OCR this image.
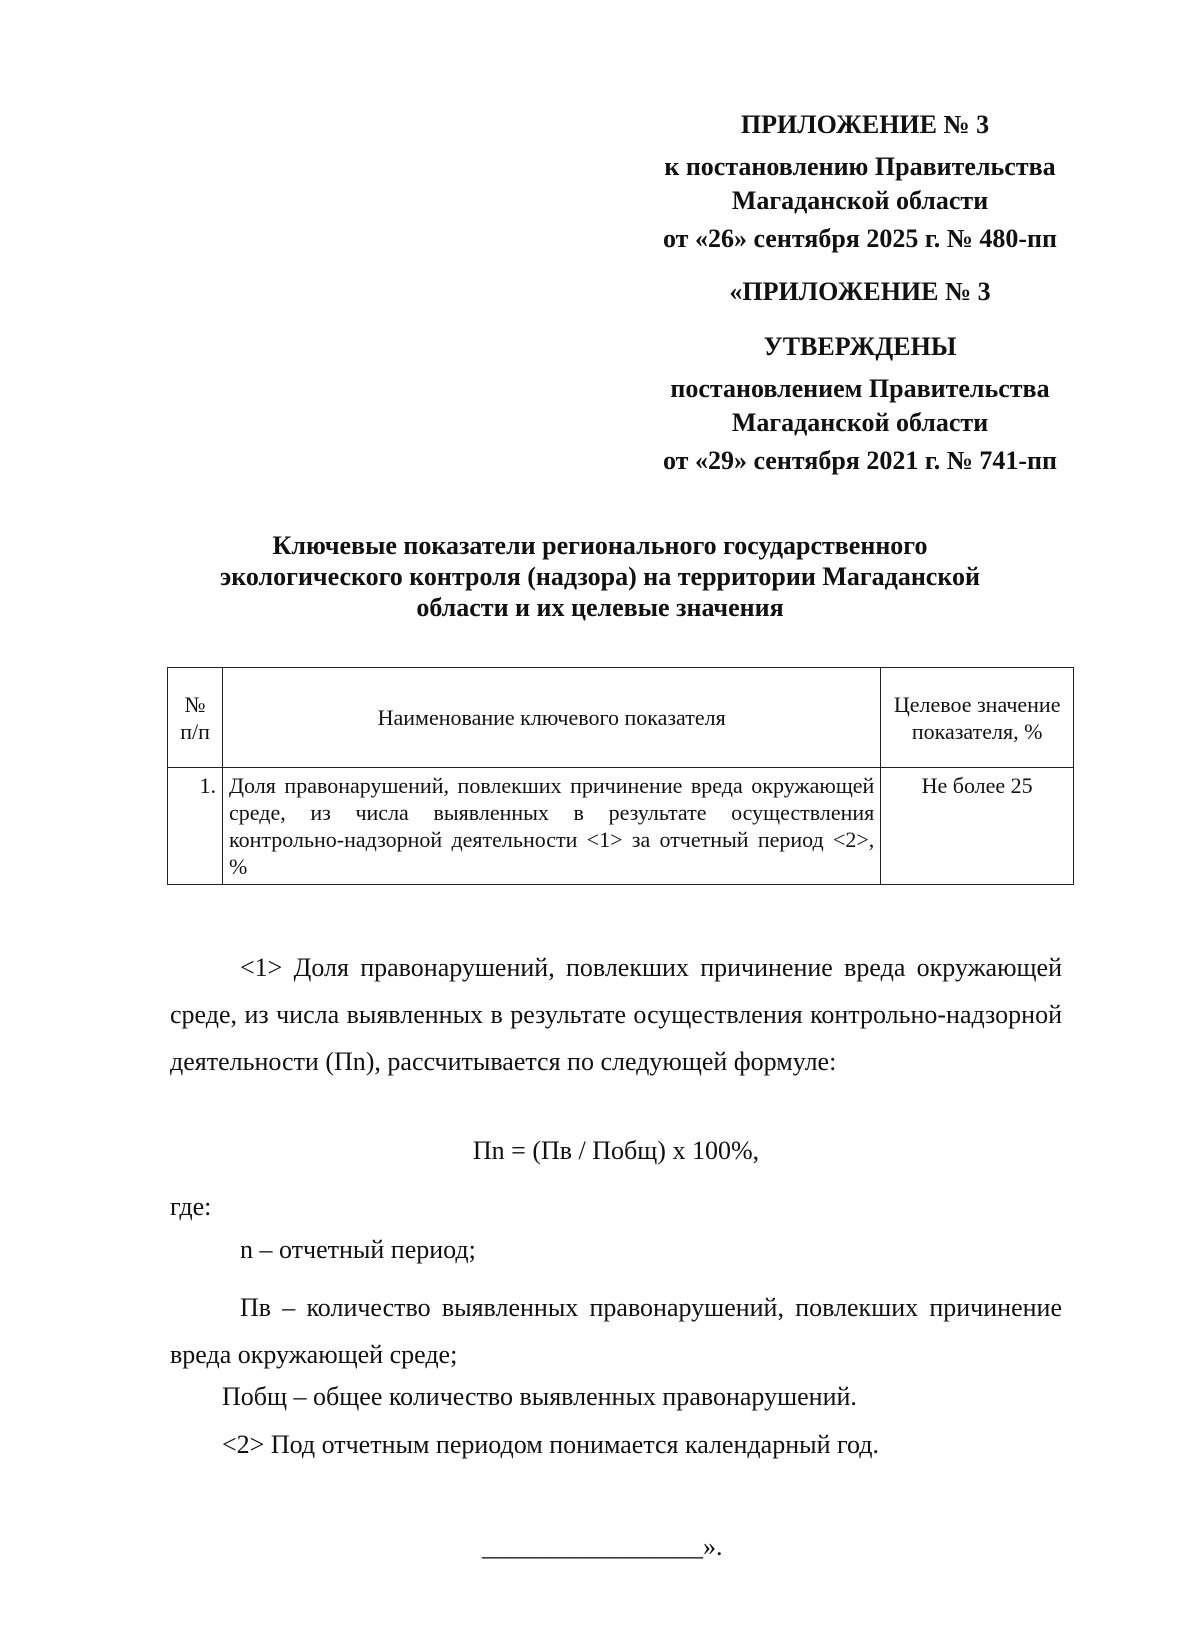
ПРИЛОЖЕНИЕ № 3
к постановлению Правительства
Магаданской области
от «26» сентября 2025 г. № 480-пп
«ПРИЛОЖЕНИЕ № 3
УТВЕРЖДЕНЫ
постановлением Правительства
Магаданской области
от «29» сентября 2021 г. № 741-пп
Ключевые показатели регионального государственного
экологического контроля (надзора) на территории Магаданской
области и их целевые значения
№ п/п	Наименование ключевого показателя	Целевое значение показателя, %
1.	Доля правонарушений, повлекших причинение вреда окружающей среде, из числа выявленных в результате осуществления контрольно-надзорной деятельности <1> за отчетный период <2>, %	Не более 25

<1> Доля правонарушений, повлекших причинение вреда окружающей среде, из числа выявленных в результате осуществления контрольно-надзорной деятельности (Пn), рассчитывается по следующей формуле:

Пn = (Пв / Побщ) x 100%,

где:

n – отчетный период;

Пв – количество выявленных правонарушений, повлекших причинение вреда окружающей среде;

Побщ – общее количество выявленных правонарушений.

<2> Под отчетным периодом понимается календарный год.

_________________».
